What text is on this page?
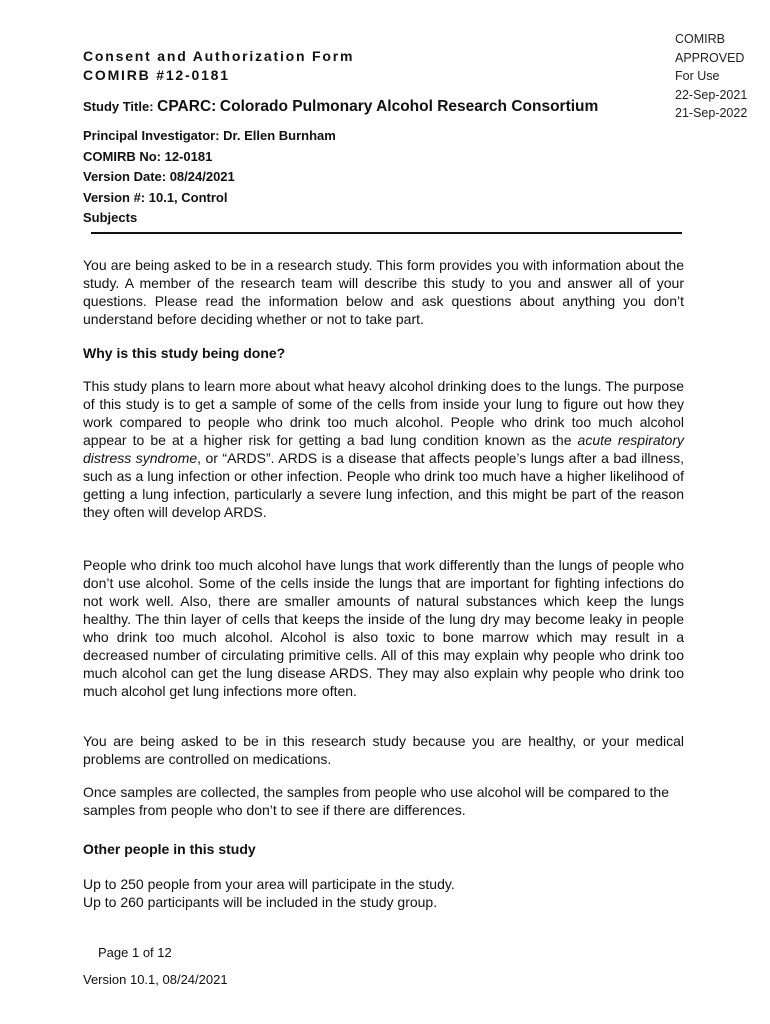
COMIRB
APPROVED
For Use
22-Sep-2021
21-Sep-2022
Consent and Authorization Form
COMIRB #12-0181
Study Title: CPARC: Colorado Pulmonary Alcohol Research Consortium
Principal Investigator: Dr. Ellen Burnham
COMIRB No: 12-0181
Version Date: 08/24/2021
Version #: 10.1, Control
Subjects
You are being asked to be in a research study. This form provides you with information about the study. A member of the research team will describe this study to you and answer all of your questions. Please read the information below and ask questions about anything you don’t understand before deciding whether or not to take part.
Why is this study being done?
This study plans to learn more about what heavy alcohol drinking does to the lungs. The purpose of this study is to get a sample of some of the cells from inside your lung to figure out how they work compared to people who drink too much alcohol. People who drink too much alcohol appear to be at a higher risk for getting a bad lung condition known as the acute respiratory distress syndrome, or “ARDS”. ARDS is a disease that affects people’s lungs after a bad illness, such as a lung infection or other infection. People who drink too much have a higher likelihood of getting a lung infection, particularly a severe lung infection, and this might be part of the reason they often will develop ARDS.
People who drink too much alcohol have lungs that work differently than the lungs of people who don’t use alcohol. Some of the cells inside the lungs that are important for fighting infections do not work well. Also, there are smaller amounts of natural substances which keep the lungs healthy. The thin layer of cells that keeps the inside of the lung dry may become leaky in people who drink too much alcohol. Alcohol is also toxic to bone marrow which may result in a decreased number of circulating primitive cells. All of this may explain why people who drink too much alcohol can get the lung disease ARDS. They may also explain why people who drink too much alcohol get lung infections more often.
You are being asked to be in this research study because you are healthy, or your medical problems are controlled on medications.
Once samples are collected, the samples from people who use alcohol will be compared to the samples from people who don’t to see if there are differences.
Other people in this study
Up to 250 people from your area will participate in the study.
Up to 260 participants will be included in the study group.
Page 1 of 12
Version 10.1, 08/24/2021
